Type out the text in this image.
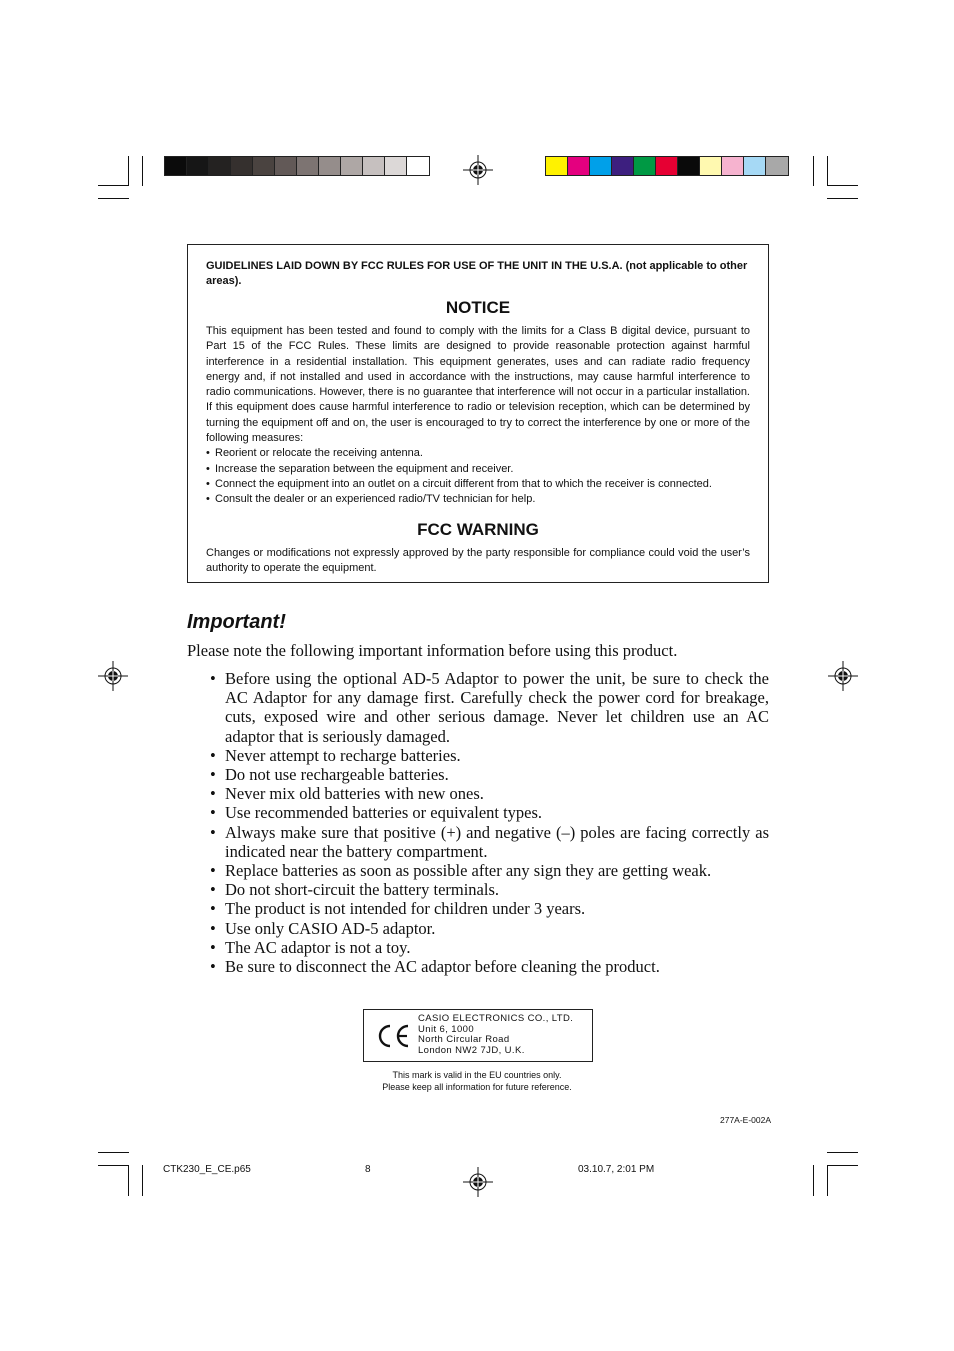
GUIDELINES LAID DOWN BY FCC RULES FOR USE OF THE UNIT IN THE U.S.A. (not applicable to other areas).

NOTICE

This equipment has been tested and found to comply with the limits for a Class B digital device, pursuant to Part 15 of the FCC Rules. These limits are designed to provide reasonable protection against harmful interference in a residential installation. This equipment generates, uses and can radiate radio frequency energy and, if not installed and used in accordance with the instructions, may cause harmful interference to radio communications. However, there is no guarantee that interference will not occur in a particular installation. If this equipment does cause harmful interference to radio or television reception, which can be determined by turning the equipment off and on, the user is encouraged to try to correct the interference by one or more of the following measures:

• Reorient or relocate the receiving antenna.
• Increase the separation between the equipment and receiver.
• Connect the equipment into an outlet on a circuit different from that to which the receiver is connected.
• Consult the dealer or an experienced radio/TV technician for help.
FCC WARNING

Changes or modifications not expressly approved by the party responsible for compliance could void the user’s authority to operate the equipment.

Important!

Please note the following important information before using this product.

• Before using the optional AD-5 Adaptor to power the unit, be sure to check the AC Adaptor for any damage first. Carefully check the power cord for breakage, cuts, exposed wire and other serious damage. Never let children use an AC adaptor that is seriously damaged.
• Never attempt to recharge batteries.
• Do not use rechargeable batteries.
• Never mix old batteries with new ones.
• Use recommended batteries or equivalent types.
• Always make sure that positive (+) and negative (–) poles are facing correctly as indicated near the battery compartment.
• Replace batteries as soon as possible after any sign they are getting weak.
• Do not short-circuit the battery terminals.
• The product is not intended for children under 3 years.
• Use only CASIO AD-5 adaptor.
• The AC adaptor is not a toy.
• Be sure to disconnect the AC adaptor before cleaning the product.
CASIO ELECTRONICS CO., LTD.
Unit 6, 1000
North Circular Road
London NW2 7JD, U.K.
This mark is valid in the EU countries only.
Please keep all information for future reference.
277A-E-002A
CTK230_E_CE.p65	8	03.10.7, 2:01 PM
